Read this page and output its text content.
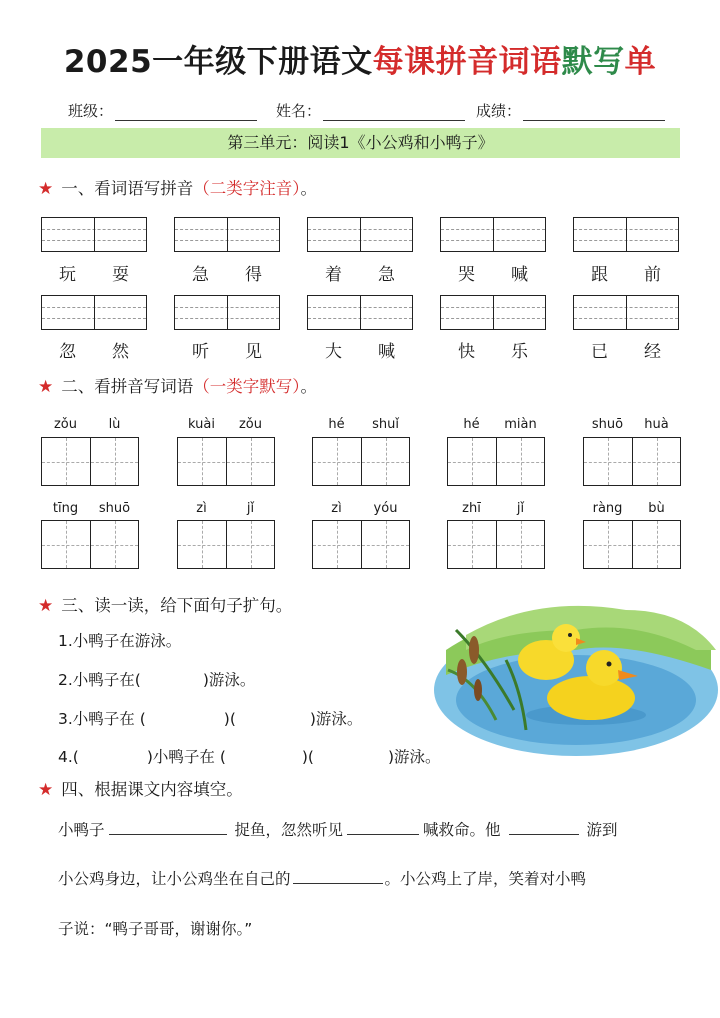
2025一年级下册语文每课拼音词语默写单
班级：	姓名：	成绩：
第三单元：阅读1《小公鸡和小鸭子》
★ 一、看词语写拼音（二类字注音）。
玩	耍	急	得	着	急	哭	喊	跟	前
忽	然	听	见	大	喊	快	乐	已	经
★ 二、看拼音写词语（一类字默写）。
zǒu	lù	kuài	zǒu	hé	shuǐ	hé	miàn	shuō	huà
tīng	shuō	zì	jǐ	zì	yóu	zhī	jǐ	ràng	bù
★ 三、读一读，给下面句子扩句。
1.小鸭子在游泳。
2.小鸭子在(	)游泳。
3.小鸭子在 (	)(	)游泳。
4.(	)小鸭子在 (	)(	)游泳。
★ 四、根据课文内容填空。
小鸭子	捉鱼，忽然听见	喊救命。他	游到
小公鸡身边，让小公鸡坐在自己的	。小公鸡上了岸，笑着对小鸭
子说：“鸭子哥哥，谢谢你。”
